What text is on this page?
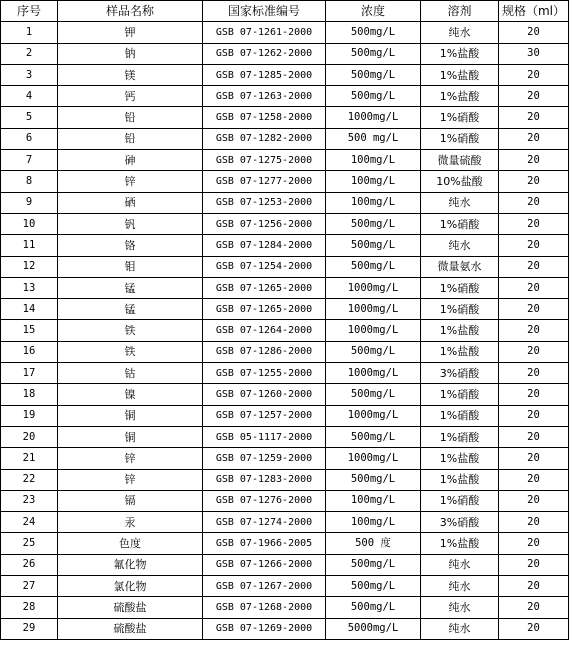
序号	样品名称	国家标准编号	浓度	溶剂	规格（ml）
1	钾	GSB 07-1261-2000	500mg/L	纯水	20
2	钠	GSB 07-1262-2000	500mg/L	1%盐酸	30
3	镁	GSB 07-1285-2000	500mg/L	1%盐酸	20
4	钙	GSB 07-1263-2000	500mg/L	1%盐酸	20
5	铅	GSB 07-1258-2000	1000mg/L	1%硝酸	20
6	铅	GSB 07-1282-2000	500 mg/L	1%硝酸	20
7	砷	GSB 07-1275-2000	100mg/L	微量硫酸	20
8	锌	GSB 07-1277-2000	100mg/L	10%盐酸	20
9	硒	GSB 07-1253-2000	100mg/L	纯水	20
10	钒	GSB 07-1256-2000	500mg/L	1%硝酸	20
11	铬	GSB 07-1284-2000	500mg/L	纯水	20
12	钼	GSB 07-1254-2000	500mg/L	微量氨水	20
13	锰	GSB 07-1265-2000	1000mg/L	1%硝酸	20
14	锰	GSB 07-1265-2000	1000mg/L	1%硝酸	20
15	铁	GSB 07-1264-2000	1000mg/L	1%盐酸	20
16	铁	GSB 07-1286-2000	500mg/L	1%盐酸	20
17	钴	GSB 07-1255-2000	1000mg/L	3%硝酸	20
18	镍	GSB 07-1260-2000	500mg/L	1%硝酸	20
19	铜	GSB 07-1257-2000	1000mg/L	1%硝酸	20
20	铜	GSB 05-1117-2000	500mg/L	1%硝酸	20
21	锌	GSB 07-1259-2000	1000mg/L	1%盐酸	20
22	锌	GSB 07-1283-2000	500mg/L	1%盐酸	20
23	镉	GSB 07-1276-2000	100mg/L	1%硝酸	20
24	汞	GSB 07-1274-2000	100mg/L	3%硝酸	20
25	色度	GSB 07-1966-2005	500 度	1%盐酸	20
26	氟化物	GSB 07-1266-2000	500mg/L	纯水	20
27	氯化物	GSB 07-1267-2000	500mg/L	纯水	20
28	硫酸盐	GSB 07-1268-2000	500mg/L	纯水	20
29	硫酸盐	GSB 07-1269-2000	5000mg/L	纯水	20
